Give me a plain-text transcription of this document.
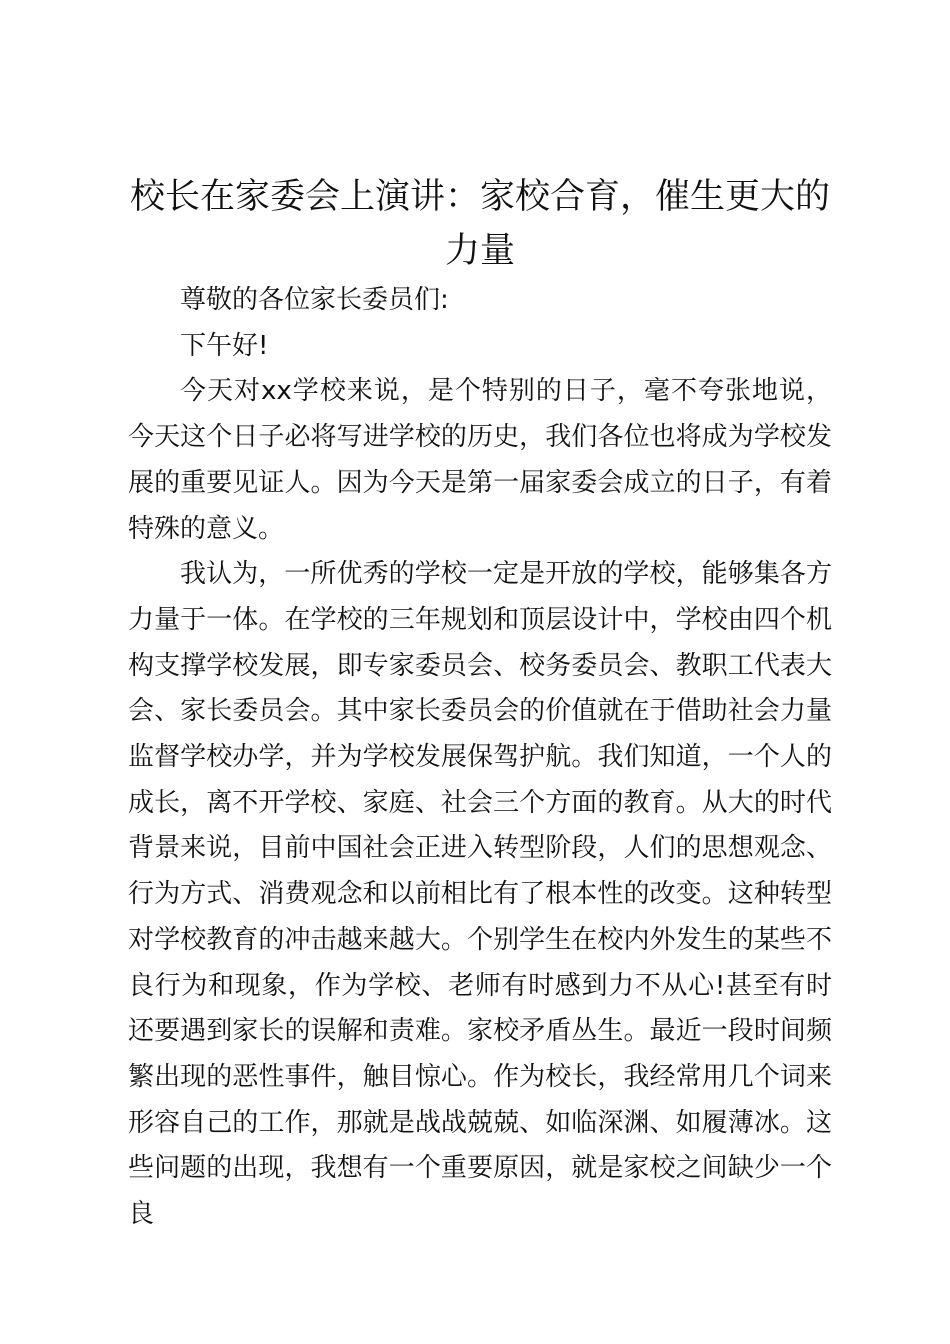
校长在家委会上演讲：家校合育，催生更大的力量

尊敬的各位家长委员们:

下午好!

今天对xx学校来说，是个特别的日子，毫不夸张地说，今天这个日子必将写进学校的历史，我们各位也将成为学校发展的重要见证人。因为今天是第一届家委会成立的日子，有着特殊的意义。

我认为，一所优秀的学校一定是开放的学校，能够集各方力量于一体。在学校的三年规划和顶层设计中，学校由四个机构支撑学校发展，即专家委员会、校务委员会、教职工代表大会、家长委员会。其中家长委员会的价值就在于借助社会力量监督学校办学，并为学校发展保驾护航。我们知道，一个人的成长，离不开学校、家庭、社会三个方面的教育。从大的时代背景来说，目前中国社会正进入转型阶段，人们的思想观念、行为方式、消费观念和以前相比有了根本性的改变。这种转型对学校教育的冲击越来越大。个别学生在校内外发生的某些不良行为和现象，作为学校、老师有时感到力不从心!甚至有时还要遇到家长的误解和责难。家校矛盾丛生。最近一段时间频繁出现的恶性事件，触目惊心。作为校长，我经常用几个词来形容自己的工作，那就是战战兢兢、如临深渊、如履薄冰。这些问题的出现，我想有一个重要原因，就是家校之间缺少一个良
